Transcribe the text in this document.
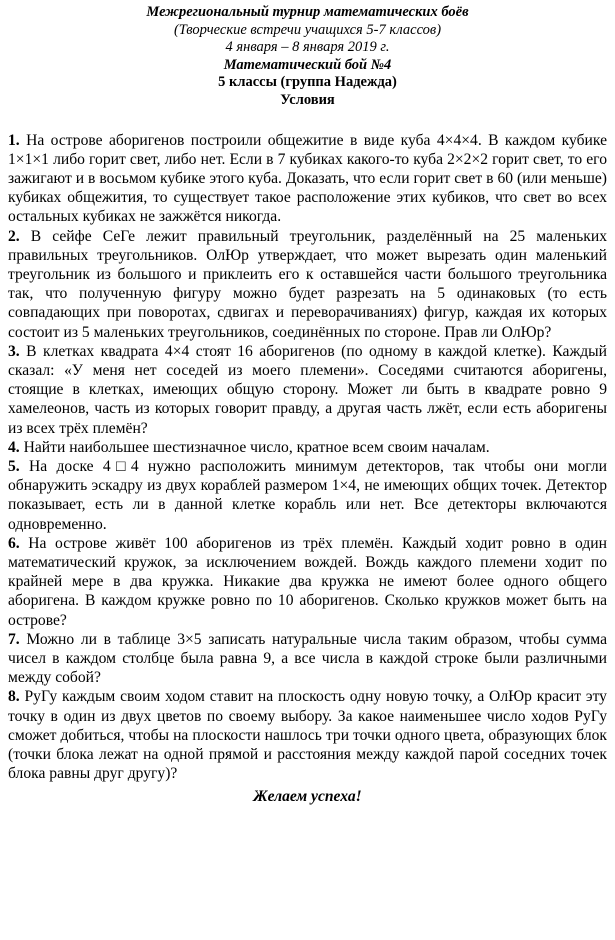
Межрегиональный турнир математических боёв
(Творческие встречи учащихся 5-7 классов)
4 января – 8 января 2019 г.
Математический бой №4
5 классы (группа Надежда)
Условия
1. На острове аборигенов построили общежитие в виде куба 4×4×4. В каждом кубике 1×1×1 либо горит свет, либо нет. Если в 7 кубиках какого-то куба 2×2×2 горит свет, то его зажигают и в восьмом кубике этого куба. Доказать, что если горит свет в 60 (или меньше) кубиках общежития, то существует такое расположение этих кубиков, что свет во всех остальных кубиках не зажжётся никогда.
2. В сейфе СеГе лежит правильный треугольник, разделённый на 25 маленьких правильных треугольников. ОлЮр утверждает, что может вырезать один маленький треугольник из большого и приклеить его к оставшейся части большого треугольника так, что полученную фигуру можно будет разрезать на 5 одинаковых (то есть совпадающих при поворотах, сдвигах и переворачиваниях) фигур, каждая их которых состоит из 5 маленьких треугольников, соединённых по стороне. Прав ли ОлЮр?
3. В клетках квадрата 4×4 стоят 16 аборигенов (по одному в каждой клетке). Каждый сказал: «У меня нет соседей из моего племени». Соседями считаются аборигены, стоящие в клетках, имеющих общую сторону. Может ли быть в квадрате ровно 9 хамелеонов, часть из которых говорит правду, а другая часть лжёт, если есть аборигены из всех трёх племён?
4. Найти наибольшее шестизначное число, кратное всем своим началам.
5. На доске 4□4 нужно расположить минимум детекторов, так чтобы они могли обнаружить эскадру из двух кораблей размером 1×4, не имеющих общих точек. Детектор показывает, есть ли в данной клетке корабль или нет. Все детекторы включаются одновременно.
6. На острове живёт 100 аборигенов из трёх племён. Каждый ходит ровно в один математический кружок, за исключением вождей. Вождь каждого племени ходит по крайней мере в два кружка. Никакие два кружка не имеют более одного общего аборигена. В каждом кружке ровно по 10 аборигенов. Сколько кружков может быть на острове?
7. Можно ли в таблице 3×5 записать натуральные числа таким образом, чтобы сумма чисел в каждом столбце была равна 9, а все числа в каждой строке были различными между собой?
8. РуГу каждым своим ходом ставит на плоскость одну новую точку, а ОлЮр красит эту точку в один из двух цветов по своему выбору. За какое наименьшее число ходов РуГу сможет добиться, чтобы на плоскости нашлось три точки одного цвета, образующих блок (точки блока лежат на одной прямой и расстояния между каждой парой соседних точек блока равны друг другу)?
Желаем успеха!
